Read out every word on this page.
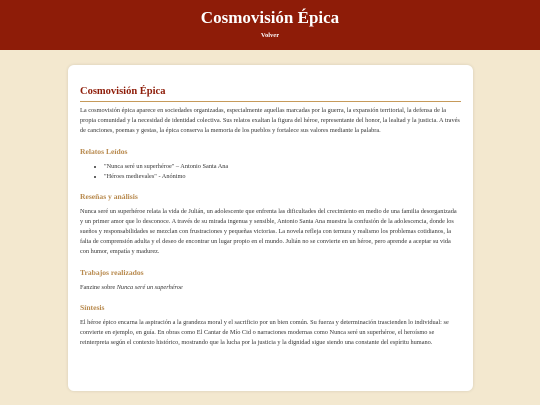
Cosmovisión Épica
Volver
Cosmovisión Épica

La cosmovisión épica aparece en sociedades organizadas, especialmente aquellas marcadas por la guerra, la expansión territorial, la defensa de la propia comunidad y la necesidad de identidad colectiva. Sus relatos exaltan la figura del héroe, representante del honor, la lealtad y la justicia. A través de canciones, poemas y gestas, la épica conserva la memoria de los pueblos y fortalece sus valores mediante la palabra.

Relatos Leídos
• "Nunca seré un superhéroe" – Antonio Santa Ana
• "Héroes medievales" - Anónimo
Reseñas y análisis

Nunca seré un superhéroe relata la vida de Julián, un adolescente que enfrenta las dificultades del crecimiento en medio de una familia desorganizada y un primer amor que lo desconoce. A través de su mirada ingenua y sensible, Antonio Santa Ana muestra la confusión de la adolescencia, donde los sueños y responsabilidades se mezclan con frustraciones y pequeñas victorias. La novela refleja con ternura y realismo los problemas cotidianos, la falta de comprensión adulta y el deseo de encontrar un lugar propio en el mundo. Julián no se convierte en un héroe, pero aprende a aceptar su vida con humor, empatía y madurez.

Trabajos realizados

Fanzine sobre Nunca seré un superhéroe

Síntesis

El héroe épico encarna la aspiración a la grandeza moral y el sacrificio por un bien común. Su fuerza y determinación trascienden lo individual: se convierte en ejemplo, en guía. En obras como El Cantar de Mío Cid o narraciones modernas como Nunca seré un superhéroe, el heroísmo se reinterpreta según el contexto histórico, mostrando que la lucha por la justicia y la dignidad sigue siendo una constante del espíritu humano.
